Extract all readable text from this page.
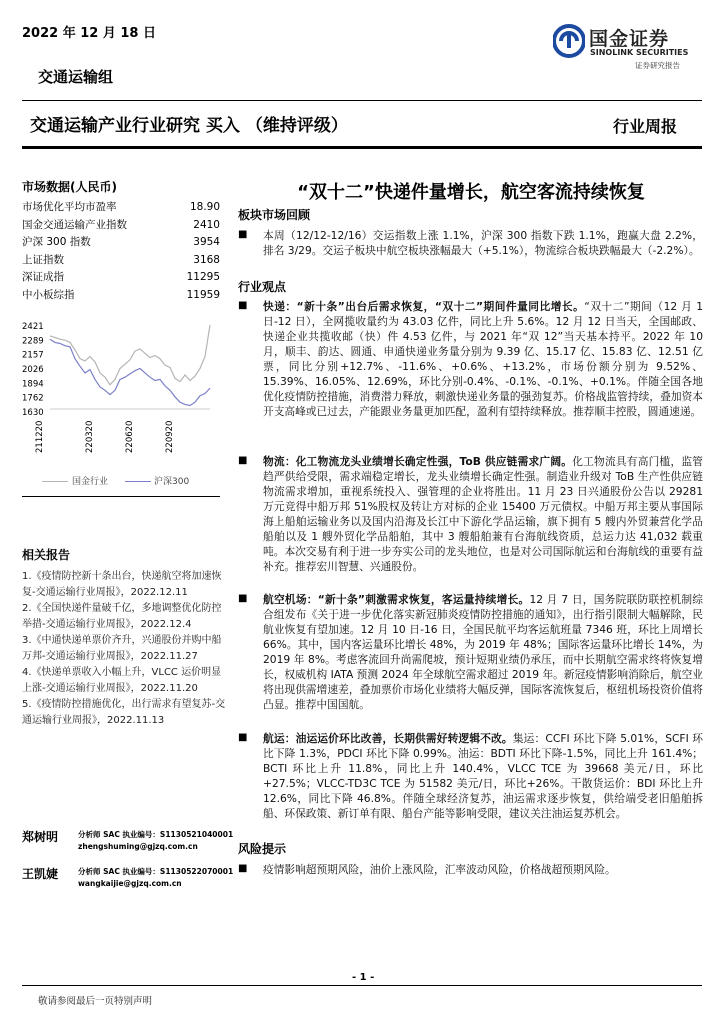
2022 年 12 月 18 日	国金证券
SINOLINK SECURITIES
证券研究报告
交通运输组
交通运输产业行业研究 买入 （维持评级）	行业周报
市场数据(人民币)
市场优化平均市盈率	18.90
国金交通运输产业指数	2410
沪深 300 指数	3954
上证指数	3168
深证成指	11295
中小板综指	11959
2421
2289
2157
2026
1894
1762
1630
211220	220320	220620	220920
国金行业	沪深300
相关报告
1.《疫情防控新十条出台，快递航空将加速恢复-交通运输行业周报》，2022.12.11
2.《全国快递件量破千亿，多地调整优化防控举措-交通运输行业周报》，2022.12.4
3.《中通快递单票价齐升，兴通股份并购中船万邦-交通运输行业周报》，2022.11.27
4.《快递单票收入小幅上升，VLCC 运价明显上涨-交通运输行业周报》，2022.11.20
5.《疫情防控措施优化，出行需求有望复苏-交通运输行业周报》，2022.11.13
郑树明	分析师 SAC 执业编号：S1130521040001
zhengshuming@gjzq.com.cn
王凯婕	分析师 SAC 执业编号：S1130522070001
wangkaijie@gjzq.com.cn
“双十二”快递件量增长，航空客流持续恢复
板块市场回顾
■ 本周（12/12-12/16）交运指数上涨 1.1%，沪深 300 指数下跌 1.1%，跑赢大盘 2.2%，排名 3/29。交运子板块中航空板块涨幅最大（+5.1%），物流综合板块跌幅最大（-2.2%）。
行业观点
■ 快递：“新十条”出台后需求恢复，“双十二”期间件量同比增长。“双十二”期间（12 月 1 日-12 日），全网揽收量约为 43.03 亿件，同比上升 5.6%。12 月 12 日当天，全国邮政、快递企业共揽收邮（快）件 4.53 亿件，与 2021 年“双 12”当天基本持平。2022 年 10 月，顺丰、韵达、圆通、申通快递业务量分别为 9.39 亿、15.17 亿、15.83 亿、12.51 亿票，同比分别+12.7%、-11.6%、+0.6%、+13.2%，市场份额分别为 9.52%、15.39%、16.05%、12.69%，环比分别-0.4%、-0.1%、-0.1%、+0.1%。伴随全国各地优化疫情防控措施，消费潜力释放，刺激快递业务量的强劲复苏。价格战监管持续，叠加资本开支高峰或已过去，产能跟业务量更加匹配，盈利有望持续释放。推荐顺丰控股，圆通速递。
■ 物流：化工物流龙头业绩增长确定性强，ToB 供应链需求广阔。化工物流具有高门槛，监管趋严供给受限，需求端稳定增长，龙头业绩增长确定性强。制造业升级对 ToB 生产性供应链物流需求增加，重视系统投入、强管理的企业将胜出。11 月 23 日兴通股份公告以 29281 万元竞得中船万邦 51%股权及转让方对标的企业 15400 万元债权。中船万邦主要从事国际海上船舶运输业务以及国内沿海及长江中下游化学品运输，旗下拥有 5 艘内外贸兼营化学品船舶以及 1 艘外贸化学品船舶，其中 3 艘船舶兼有台海航线资质，总运力达 41,032 载重吨。本次交易有利于进一步夯实公司的龙头地位，也是对公司国际航运和台海航线的重要有益补充。推荐宏川智慧、兴通股份。
■ 航空机场：“新十条”刺激需求恢复，客运量持续增长。12 月 7 日，国务院联防联控机制综合组发布《关于进一步优化落实新冠肺炎疫情防控措施的通知》，出行指引限制大幅解除，民航业恢复有望加速。12 月 10 日-16 日，全国民航平均客运航班量 7346 班，环比上周增长 66%。其中，国内客运量环比增长 48%，为 2019 年 48%；国际客运量环比增长 14%，为 2019 年 8%。考虑客流回升尚需爬坡，预计短期业绩仍承压，而中长期航空需求终将恢复增长，权威机构 IATA 预测 2024 年全球航空需求超过 2019 年。新冠疫情影响消除后，航空业将出现供需增速差，叠加票价市场化业绩将大幅反弹，国际客流恢复后，枢纽机场投资价值将凸显。推荐中国国航。
■ 航运：油运运价环比改善，长期供需好转逻辑不改。集运：CCFI 环比下降 5.01%，SCFI 环比下降 1.3%，PDCI 环比下降 0.99%。油运：BDTI 环比下降-1.5%，同比上升 161.4%；BCTI 环比上升 11.8%，同比上升 140.4%，VLCC TCE 为 39668 美元/日，环比+27.5%；VLCC-TD3C TCE 为 51582 美元/日，环比+26%。干散货运价：BDI 环比上升 12.6%，同比下降 46.8%。伴随全球经济复苏，油运需求逐步恢复，供给端受老旧船舶拆船、环保政策、新订单有限、船台产能等影响受限，建议关注油运复苏机会。
风险提示
■ 疫情影响超预期风险，油价上涨风险，汇率波动风险，价格战超预期风险。
- 1 -
敬请参阅最后一页特别声明
